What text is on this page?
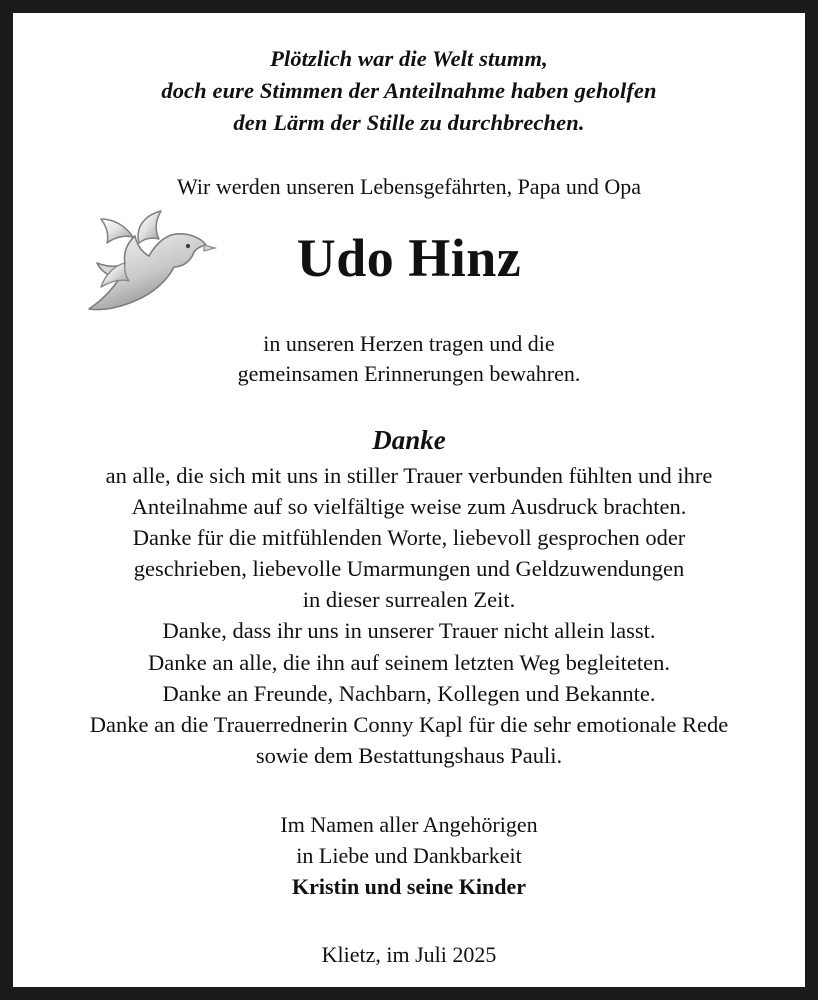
Plötzlich war die Welt stumm,
doch eure Stimmen der Anteilnahme haben geholfen
den Lärm der Stille zu durchbrechen.
Wir werden unseren Lebensgefährten, Papa und Opa
Udo Hinz
in unseren Herzen tragen und die
gemeinsamen Erinnerungen bewahren.
Danke
an alle, die sich mit uns in stiller Trauer verbunden fühlten und ihre
Anteilnahme auf so vielfältige weise zum Ausdruck brachten.
Danke für die mitfühlenden Worte, liebevoll gesprochen oder
geschrieben, liebevolle Umarmungen und Geldzuwendungen
in dieser surrealen Zeit.
Danke, dass ihr uns in unserer Trauer nicht allein lasst.
Danke an alle, die ihn auf seinem letzten Weg begleiteten.
Danke an Freunde, Nachbarn, Kollegen und Bekannte.
Danke an die Trauerrednerin Conny Kapl für die sehr emotionale Rede
sowie dem Bestattungshaus Pauli.
Im Namen aller Angehörigen
in Liebe und Dankbarkeit
Kristin und seine Kinder
Klietz, im Juli 2025
